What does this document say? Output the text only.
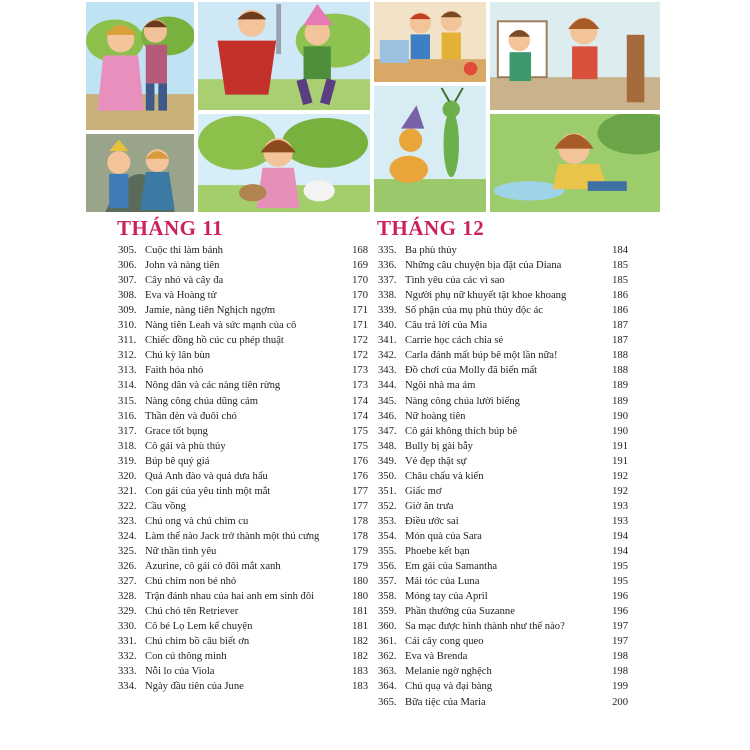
THÁNG 11	THÁNG 12
305. Cuộc thi làm bánh	168
306. John và nàng tiên	169
307. Cây nhỏ và cây đa	170
308. Eva và Hoàng tử	170
309. Jamie, nàng tiên Nghịch ngợm	171
310. Nàng tiên Leah và sức mạnh của cô	171
311. Chiếc đồng hồ cúc cu phép thuật	172
312. Chú kỳ lân bùn	172
313. Faith hóa nhỏ	173
314. Nông dân và các nàng tiên rừng	173
315. Nàng công chúa dũng cảm	174
316. Thần đèn và đuôi chó	174
317. Grace tốt bụng	175
318. Cô gái và phù thủy	175
319. Búp bê quý giá	176
320. Quả Anh đào và quả dưa hấu	176
321. Con gái của yêu tinh một mắt	177
322. Cầu vồng	177
323. Chú ong và chú chim cu	178
324. Làm thế nào Jack trở thành một thú cưng	178
325. Nữ thần tình yêu	179
326. Azurine, cô gái có đôi mắt xanh	179
327. Chú chim non bé nhỏ	180
328. Trận đánh nhau của hai anh em sinh đôi	180
329. Chú chó tên Retriever	181
330. Cô bé Lọ Lem kể chuyện	181
331. Chú chim bồ câu biết ơn	182
332. Con cú thông minh	182
333. Nỗi lo của Viola	183
334. Ngày đầu tiên của June	183
335. Ba phù thủy	184
336. Những câu chuyện bịa đặt của Diana	185
337. Tình yêu của các vì sao	185
338. Người phụ nữ khuyết tật khoe khoang	186
339. Số phận của mụ phù thủy độc ác	186
340. Câu trả lời của Mia	187
341. Carrie học cách chia sẻ	187
342. Carla đánh mất búp bê một lần nữa!	188
343. Đồ chơi của Molly đã biến mất	188
344. Ngôi nhà ma ám	189
345. Nàng công chúa lười biếng	189
346. Nữ hoàng tiên	190
347. Cô gái không thích búp bê	190
348. Bully bị gài bẫy	191
349. Vẻ đẹp thật sự	191
350. Châu chấu và kiến	192
351. Giấc mơ	192
352. Giờ ăn trưa	193
353. Điều ước sai	193
354. Món quà của Sara	194
355. Phoebe kết bạn	194
356. Em gái của Samantha	195
357. Mái tóc của Luna	195
358. Móng tay của April	196
359. Phần thưởng của Suzanne	196
360. Sa mạc được hình thành như thế nào?	197
361. Cái cây cong queo	197
362. Eva và Brenda	198
363. Melanie ngờ nghệch	198
364. Chú quạ và đại bàng	199
365. Bữa tiệc của Maria	200
